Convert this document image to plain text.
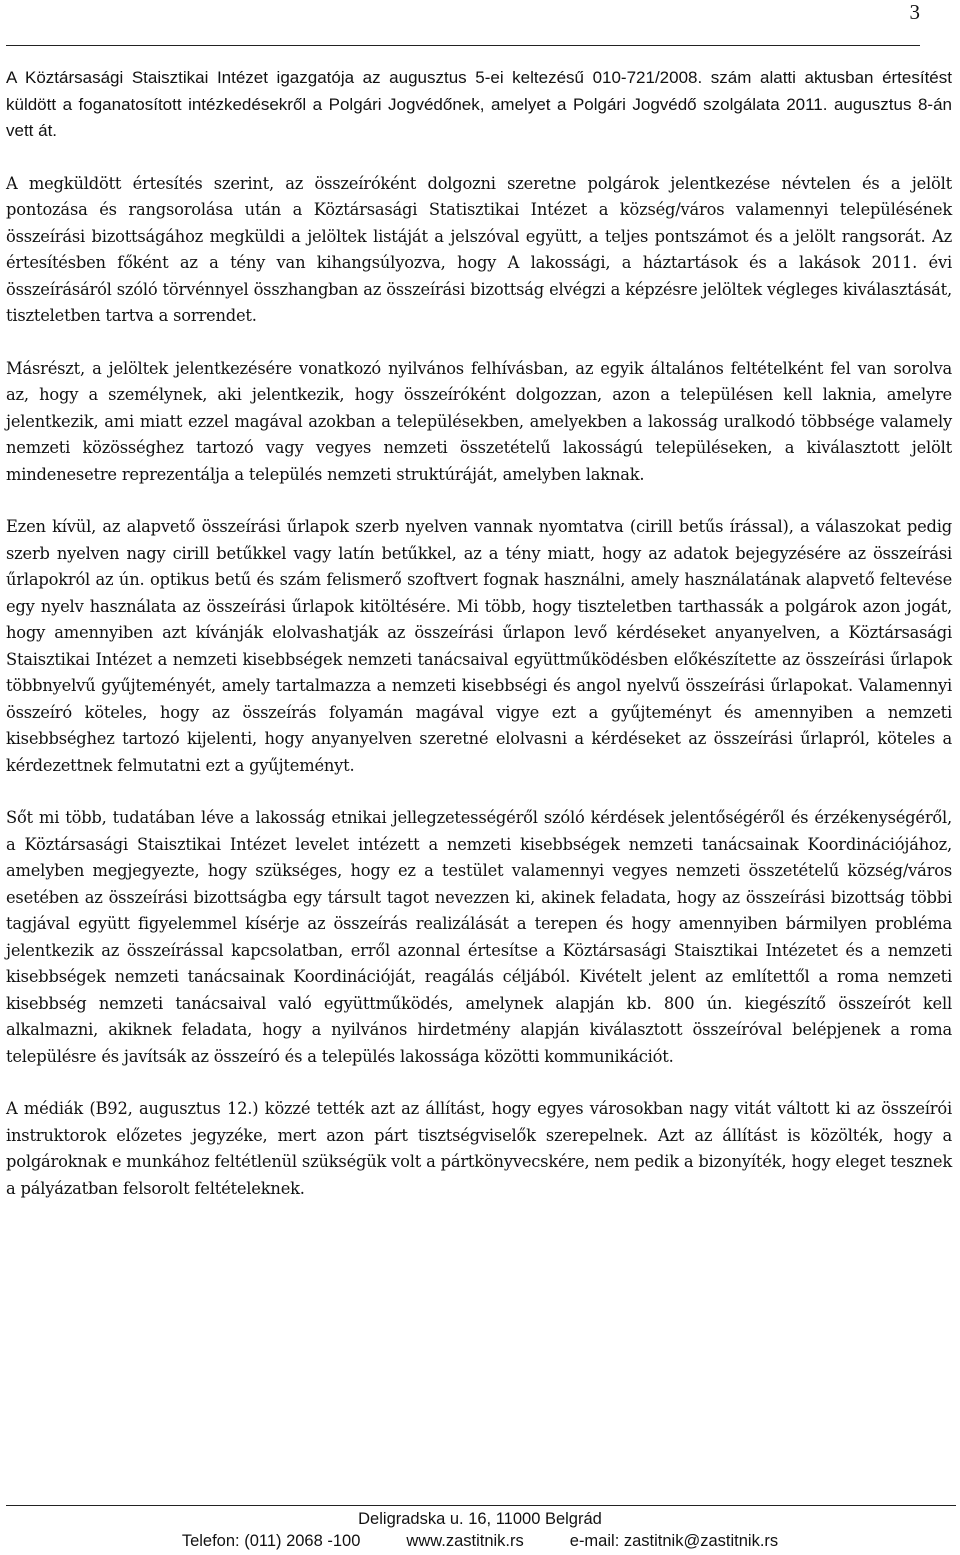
3

A Köztársasági Staisztikai Intézet igazgatója az augusztus 5-ei keltezésű 010-721/2008. szám alatti aktusban értesítést küldött a foganatosított intézkedésekről a Polgári Jogvédőnek, amelyet a Polgári Jogvédő szolgálata 2011. augusztus 8-án vett át.

A megküldött értesítés szerint, az összeíróként dolgozni szeretne polgárok jelentkezése névtelen és a jelölt pontozása és rangsorolása után a Köztársasági Statisztikai Intézet a község/város valamennyi településének összeírási bizottságához megküldi a jelöltek listáját a jelszóval együtt, a teljes pontszámot és a jelölt rangsorát. Az értesítésben főként az a tény van kihangsúlyozva, hogy A lakossági, a háztartások és a lakások 2011. évi összeírásáról szóló törvénnyel összhangban az összeírási bizottság elvégzi a képzésre jelöltek végleges kiválasztását, tiszteletben tartva a sorrendet.

Másrészt, a jelöltek jelentkezésére vonatkozó nyilvános felhívásban, az egyik általános feltételként fel van sorolva az, hogy a személynek, aki jelentkezik, hogy összeíróként dolgozzan, azon a településen kell laknia, amelyre jelentkezik, ami miatt ezzel magával azokban a településekben, amelyekben a lakosság uralkodó többsége valamely nemzeti közösséghez tartozó vagy vegyes nemzeti összetételű lakosságú településeken, a kiválasztott jelölt mindenesetre reprezentálja a település nemzeti struktúráját, amelyben laknak.

Ezen kívül, az alapvető összeírási űrlapok szerb nyelven vannak nyomtatva (cirill betűs írással), a válaszokat pedig szerb nyelven nagy cirill betűkkel vagy latín betűkkel, az a tény miatt, hogy az adatok bejegyzésére az összeírási űrlapokról az ún. optikus betű és szám felismerő szoftvert fognak használni, amely használatának alapvető feltevése egy nyelv használata az összeírási űrlapok kitöltésére. Mi több, hogy tiszteletben tarthassák a polgárok azon jogát, hogy amennyiben azt kívánják elolvashatják az összeírási űrlapon levő kérdéseket anyanyelven, a Köztársasági Staisztikai Intézet a nemzeti kisebbségek nemzeti tanácsaival együttműködésben előkészítette az összeírási űrlapok többnyelvű gyűjteményét, amely tartalmazza a nemzeti kisebbségi és angol nyelvű összeírási űrlapokat. Valamennyi összeíró köteles, hogy az összeírás folyamán magával vigye ezt a gyűjteményt és amennyiben a nemzeti kisebbséghez tartozó kijelenti, hogy anyanyelven szeretné elolvasni a kérdéseket az összeírási űrlapról, köteles a kérdezettnek felmutatni ezt a gyűjteményt.

Sőt mi több, tudatában léve a lakosság etnikai jellegzetességéről szóló kérdések jelentőségéről és érzékenységéről, a Köztársasági Staisztikai Intézet levelet intézett a nemzeti kisebbségek nemzeti tanácsainak Koordinációjához, amelyben megjegyezte, hogy szükséges, hogy ez a testület valamennyi vegyes nemzeti összetételű község/város esetében az összeírási bizottságba egy társult tagot nevezzen ki, akinek feladata, hogy az összeírási bizottság többi tagjával együtt figyelemmel kísérje az összeírás realizálását a terepen és hogy amennyiben bármilyen probléma jelentkezik az összeírással kapcsolatban, erről azonnal értesítse a Köztársasági Staisztikai Intézetet és a nemzeti kisebbségek nemzeti tanácsainak Koordinációját, reagálás céljából. Kivételt jelent az említettől a roma nemzeti kisebbség nemzeti tanácsaival való együttműködés, amelynek alapján kb. 800 ún. kiegészítő összeírót kell alkalmazni, akiknek feladata, hogy a nyilvános hirdetmény alapján kiválasztott összeíróval belépjenek a roma településre és javítsák az összeíró és a település lakossága közötti kommunikációt.

A médiák (B92, augusztus 12.) közzé tették azt az állítást, hogy egyes városokban nagy vitát váltott ki az összeírói instruktorok előzetes jegyzéke, mert azon párt tisztségviselők szerepelnek. Azt az állítást is közölték, hogy a polgároknak e munkához feltétlenül szükségük volt a pártkönyvecskére, nem pedik a bizonyíték, hogy eleget tesznek a pályázatban felsorolt feltételeknek.

Deligradska u. 16, 11000 Belgrád
Telefon: (011) 2068 -100	www.zastitnik.rs	e-mail: zastitnik@zastitnik.rs
